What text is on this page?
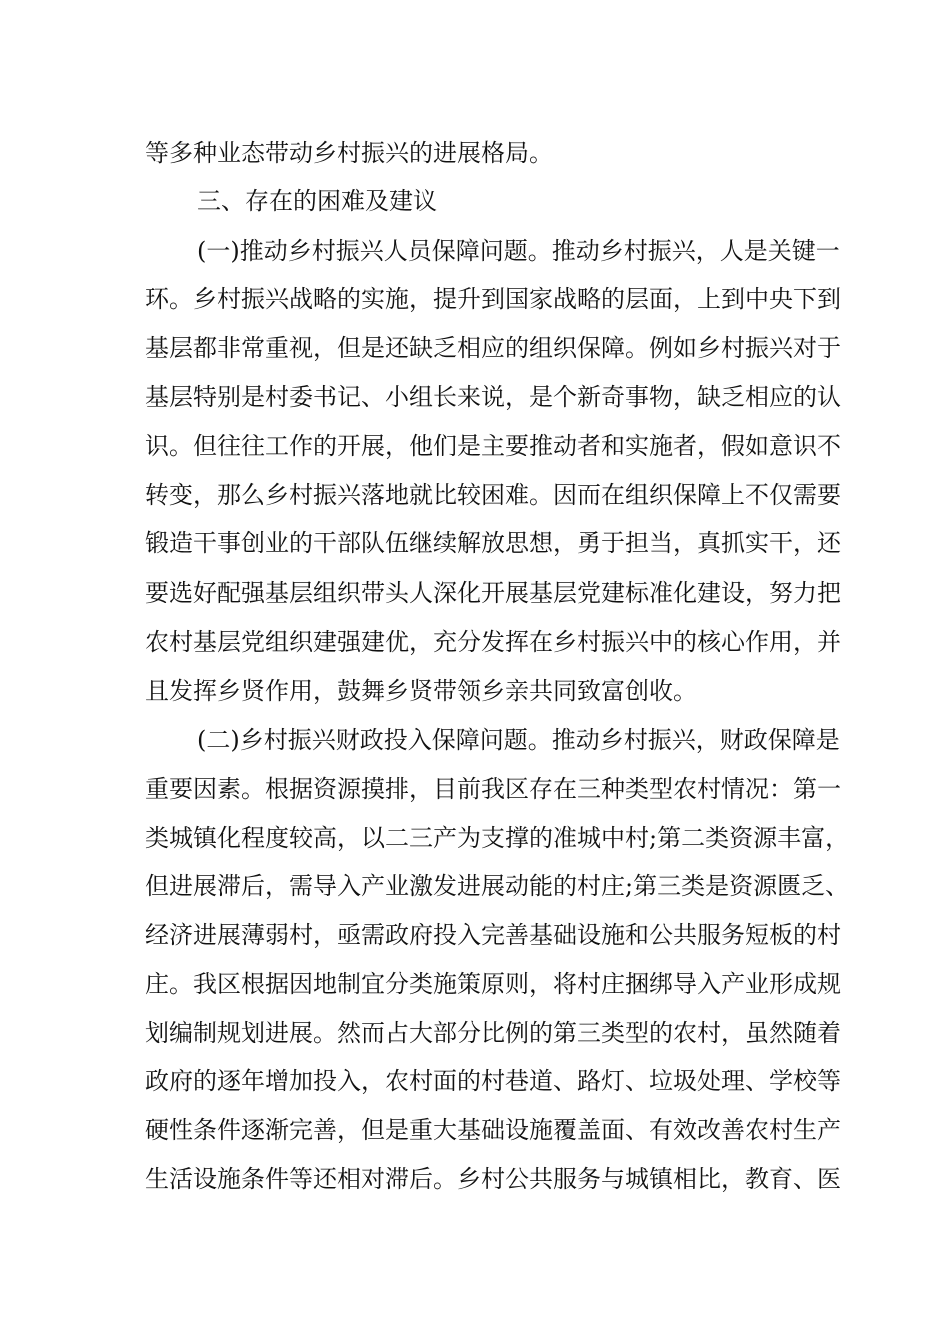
等多种业态带动乡村振兴的进展格局。
三、存在的困难及建议
(一)推动乡村振兴人员保障问题。推动乡村振兴，人是关键一
环。乡村振兴战略的实施，提升到国家战略的层面，上到中央下到
基层都非常重视，但是还缺乏相应的组织保障。例如乡村振兴对于
基层特别是村委书记、小组长来说，是个新奇事物，缺乏相应的认
识。但往往工作的开展，他们是主要推动者和实施者，假如意识不
转变，那么乡村振兴落地就比较困难。因而在组织保障上不仅需要
锻造干事创业的干部队伍继续解放思想，勇于担当，真抓实干，还
要选好配强基层组织带头人深化开展基层党建标准化建设，努力把
农村基层党组织建强建优，充分发挥在乡村振兴中的核心作用，并
且发挥乡贤作用，鼓舞乡贤带领乡亲共同致富创收。
(二)乡村振兴财政投入保障问题。推动乡村振兴，财政保障是
重要因素。根据资源摸排，目前我区存在三种类型农村情况：第一
类城镇化程度较高，以二三产为支撑的准城中村;第二类资源丰富，
但进展滞后，需导入产业激发进展动能的村庄;第三类是资源匮乏、
经济进展薄弱村，亟需政府投入完善基础设施和公共服务短板的村
庄。我区根据因地制宜分类施策原则，将村庄捆绑导入产业形成规
划编制规划进展。然而占大部分比例的第三类型的农村，虽然随着
政府的逐年增加投入，农村面的村巷道、路灯、垃圾处理、学校等
硬性条件逐渐完善，但是重大基础设施覆盖面、有效改善农村生产
生活设施条件等还相对滞后。乡村公共服务与城镇相比，教育、医
